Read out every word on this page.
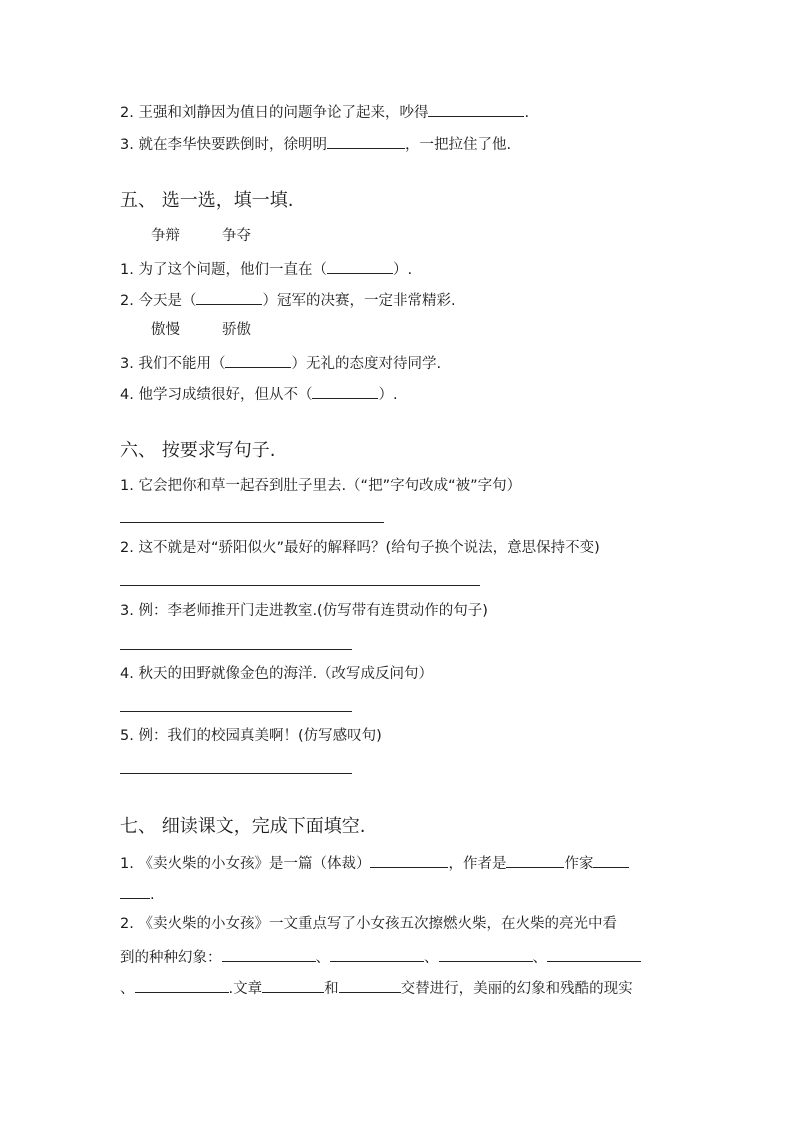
2. 王强和刘静因为值日的问题争论了起来，吵得	.
3. 就在李华快要跌倒时，徐明明	，一把拉住了他.
五、 选一选，填一填.
争辩	争夺
1. 为了这个问题，他们一直在（	）.
2. 今天是（	）冠军的决赛，一定非常精彩.
傲慢	骄傲
3. 我们不能用（	）无礼的态度对待同学.
4. 他学习成绩很好，但从不（	）.
六、 按要求写句子.
1. 它会把你和草一起吞到肚子里去.（“把”字句改成“被”字句）
2. 这不就是对“骄阳似火”最好的解释吗？(给句子换个说法，意思保持不变)
3. 例：李老师推开门走进教室.(仿写带有连贯动作的句子)
4. 秋天的田野就像金色的海洋.（改写成反问句）
5. 例：我们的校园真美啊！(仿写感叹句)
七、 细读课文，完成下面填空.
1. 《卖火柴的小女孩》是一篇（体裁）	，作者是	作家
.
2. 《卖火柴的小女孩》一文重点写了小女孩五次擦燃火柴，在火柴的亮光中看
到的种种幻象：	、	、	、
、	.文章	和	交替进行，美丽的幻象和残酷的现实
